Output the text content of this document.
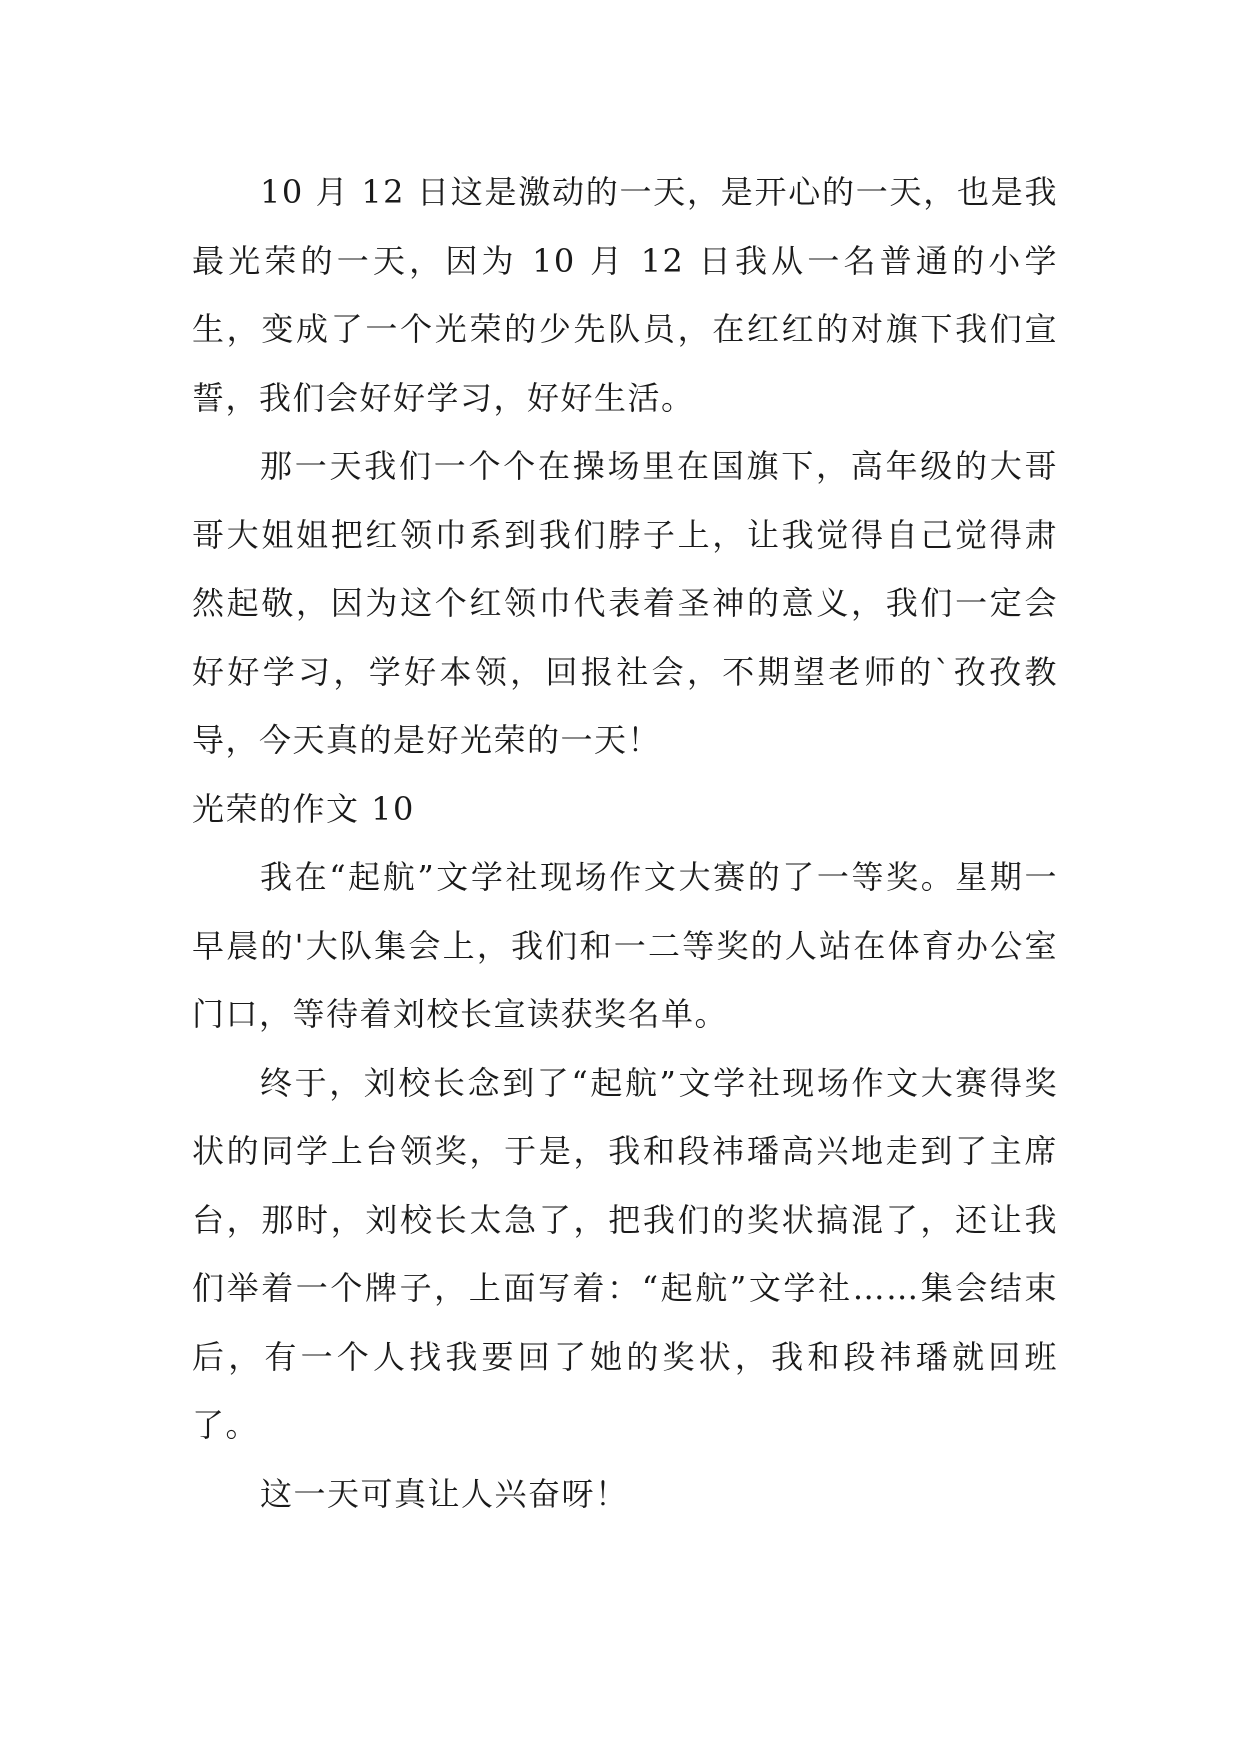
10 月 12 日这是激动的一天，是开心的一天，也是我最光荣的一天，因为 10 月 12 日我从一名普通的小学生，变成了一个光荣的少先队员，在红红的对旗下我们宣誓，我们会好好学习，好好生活。

那一天我们一个个在操场里在国旗下，高年级的大哥哥大姐姐把红领巾系到我们脖子上，让我觉得自己觉得肃然起敬，因为这个红领巾代表着圣神的意义，我们一定会好好学习，学好本领，回报社会，不期望老师的`孜孜教导，今天真的是好光荣的一天！

光荣的作文 10

我在“起航”文学社现场作文大赛的了一等奖。星期一早晨的'大队集会上，我们和一二等奖的人站在体育办公室门口，等待着刘校长宣读获奖名单。

终于，刘校长念到了“起航”文学社现场作文大赛得奖状的同学上台领奖，于是，我和段祎璠高兴地走到了主席台，那时，刘校长太急了，把我们的奖状搞混了，还让我们举着一个牌子，上面写着：“起航”文学社……集会结束后，有一个人找我要回了她的奖状，我和段祎璠就回班了。

这一天可真让人兴奋呀！
